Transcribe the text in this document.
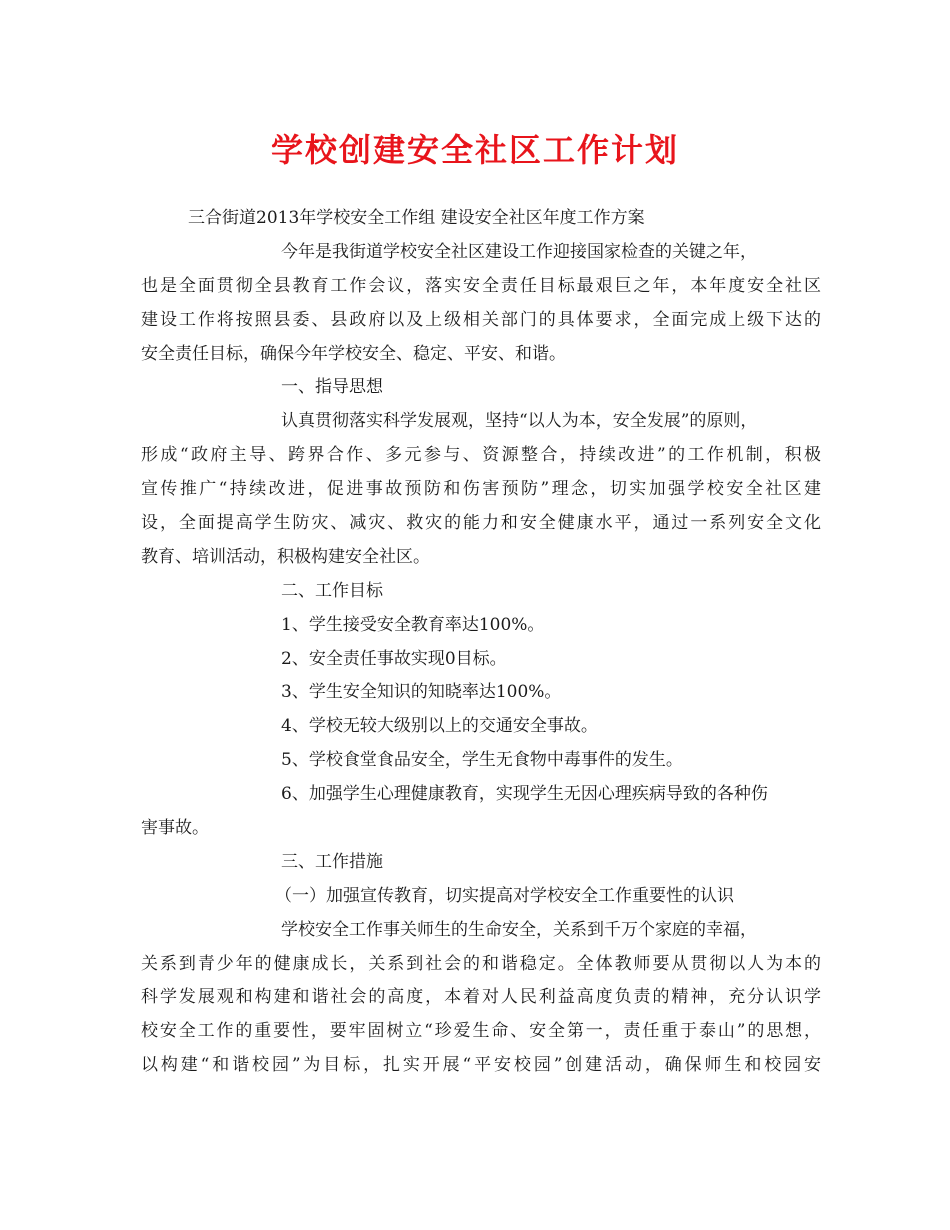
学校创建安全社区工作计划
三合街道2013年学校安全工作组 建设安全社区年度工作方案
今年是我街道学校安全社区建设工作迎接国家检查的关键之年，
也是全面贯彻全县教育工作会议，落实安全责任目标最艰巨之年，本年度安全社区
建设工作将按照县委、县政府以及上级相关部门的具体要求，全面完成上级下达的
安全责任目标，确保今年学校安全、稳定、平安、和谐。
一、指导思想
认真贯彻落实科学发展观，坚持“以人为本，安全发展”的原则，
形成“政府主导、跨界合作、多元参与、资源整合，持续改进”的工作机制，积极
宣传推广“持续改进，促进事故预防和伤害预防”理念，切实加强学校安全社区建
设，全面提高学生防灾、减灾、救灾的能力和安全健康水平，通过一系列安全文化
教育、培训活动，积极构建安全社区。
二、工作目标
1、学生接受安全教育率达100%。
2、安全责任事故实现0目标。
3、学生安全知识的知晓率达100%。
4、学校无较大级别以上的交通安全事故。
5、学校食堂食品安全，学生无食物中毒事件的发生。
6、加强学生心理健康教育，实现学生无因心理疾病导致的各种伤
害事故。
三、工作措施
（一）加强宣传教育，切实提高对学校安全工作重要性的认识
学校安全工作事关师生的生命安全，关系到千万个家庭的幸福，
关系到青少年的健康成长，关系到社会的和谐稳定。全体教师要从贯彻以人为本的
科学发展观和构建和谐社会的高度，本着对人民利益高度负责的精神，充分认识学
校安全工作的重要性，要牢固树立“珍爱生命、安全第一，责任重于泰山”的思想，
以构建“和谐校园”为目标，扎实开展“平安校园”创建活动，确保师生和校园安
